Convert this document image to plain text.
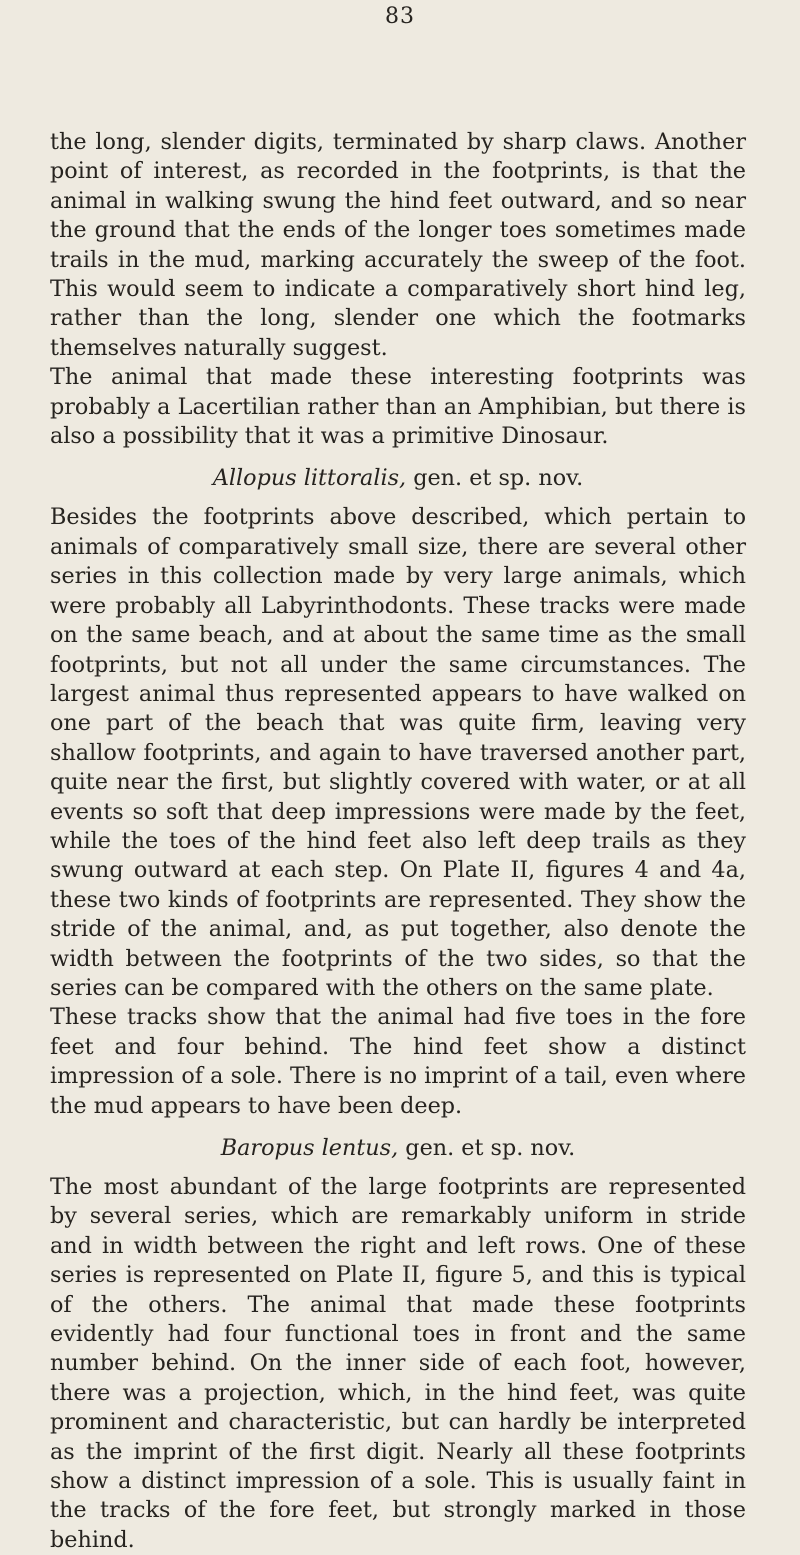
83

the long, slender digits, terminated by sharp claws. Another point of interest, as recorded in the footprints, is that the animal in walking swung the hind feet outward, and so near the ground that the ends of the longer toes sometimes made trails in the mud, marking accurately the sweep of the foot. This would seem to indicate a comparatively short hind leg, rather than the long, slender one which the footmarks themselves naturally suggest.

The animal that made these interesting footprints was probably a Lacertilian rather than an Amphibian, but there is also a possibility that it was a primitive Dinosaur.

Allopus littoralis, gen. et sp. nov.

Besides the footprints above described, which pertain to animals of comparatively small size, there are several other series in this collection made by very large animals, which were probably all Labyrinthodonts. These tracks were made on the same beach, and at about the same time as the small footprints, but not all under the same circumstances. The largest animal thus represented appears to have walked on one part of the beach that was quite firm, leaving very shallow footprints, and again to have traversed another part, quite near the first, but slightly covered with water, or at all events so soft that deep impressions were made by the feet, while the toes of the hind feet also left deep trails as they swung outward at each step. On Plate II, figures 4 and 4a, these two kinds of footprints are represented. They show the stride of the animal, and, as put together, also denote the width between the footprints of the two sides, so that the series can be compared with the others on the same plate.

These tracks show that the animal had five toes in the fore feet and four behind. The hind feet show a distinct impression of a sole. There is no imprint of a tail, even where the mud appears to have been deep.

Baropus lentus, gen. et sp. nov.

The most abundant of the large footprints are represented by several series, which are remarkably uniform in stride and in width between the right and left rows. One of these series is represented on Plate II, figure 5, and this is typical of the others. The animal that made these footprints evidently had four functional toes in front and the same number behind. On the inner side of each foot, however, there was a projection, which, in the hind feet, was quite prominent and characteristic, but can hardly be interpreted as the imprint of the first digit. Nearly all these footprints show a distinct impression of a sole. This is usually faint in the tracks of the fore feet, but strongly marked in those behind.
